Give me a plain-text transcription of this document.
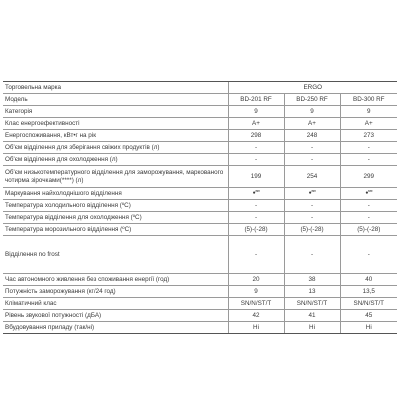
Торговельна марка	ERGO		
Модель	BD-201 RF	BD-250 RF	BD-300 RF
Категорія	9	9	9
Клас енергоефективності	A+	A+	A+
Енергоспоживання, кВт•г на рік	298	248	273
Об'єм відділення для зберігання свіжих продуктів (л)	-	-	-
Об'єм відділення для охолодження (л)	-	-	-
Об'єм низькотемпературного відділення для заморожування, маркованого чотирма зірочками(****) (л)	199	254	299
Маркування найхолоднішого відділення	●***	●***	●***
Температура холодильного відділення (ºC)	-	-	-
Температура відділення для охолодження (ºC)	-	-	-
Температура морозильного відділення (ºC)	(5)-(-28)	(5)-(-28)	(5)-(-28)
Відділення no frost	-	-	-
Час автономного живлення без споживання енергії (год)	20	38	40
Потужність заморожування (кг/24 год)	9	13	13,5
Кліматичний клас	SN/N/ST/T	SN/N/ST/T	SN/N/ST/T
Рівень звукової потужності (дБА)	42	41	45
Вбудовування приладу (так/ні)	Hi	Hi	Hi
